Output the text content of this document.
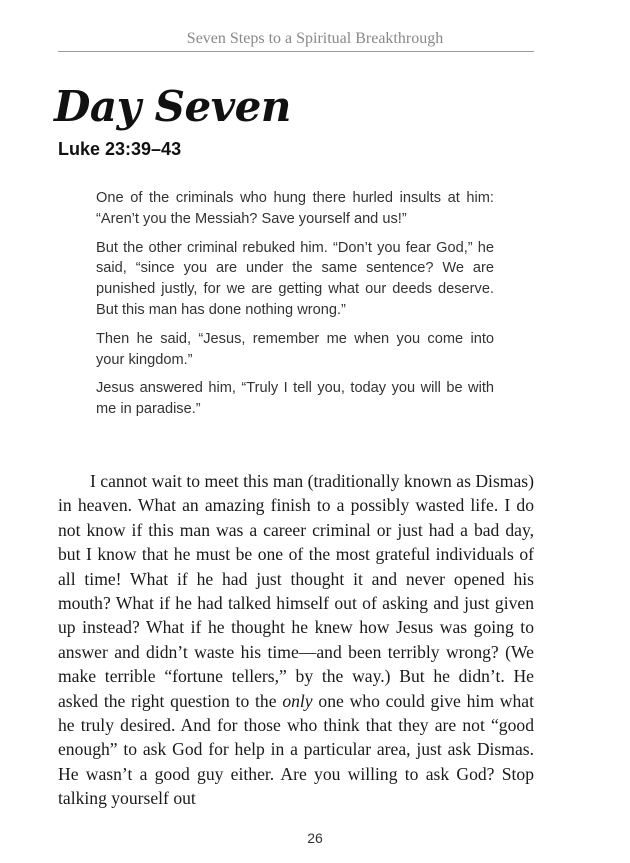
Seven Steps to a Spiritual Breakthrough
Day Seven
Luke 23:39–43

One of the criminals who hung there hurled insults at him: “Aren’t you the Messiah? Save yourself and us!”

But the other criminal rebuked him. “Don’t you fear God,” he said, “since you are under the same sentence? We are punished justly, for we are getting what our deeds deserve. But this man has done nothing wrong.”

Then he said, “Jesus, remember me when you come into your kingdom.”

Jesus answered him, “Truly I tell you, today you will be with me in paradise.”

I cannot wait to meet this man (traditionally known as Dismas) in heaven. What an amazing finish to a possibly wasted life. I do not know if this man was a career criminal or just had a bad day, but I know that he must be one of the most grateful individuals of all time! What if he had just thought it and never opened his mouth? What if he had talked himself out of asking and just given up instead? What if he thought he knew how Jesus was going to answer and didn’t waste his time—and been terribly wrong? (We make terrible “fortune tellers,” by the way.) But he didn’t. He asked the right question to the only one who could give him what he truly desired. And for those who think that they are not “good enough” to ask God for help in a particular area, just ask Dismas. He wasn’t a good guy either. Are you willing to ask God? Stop talking yourself out

26
